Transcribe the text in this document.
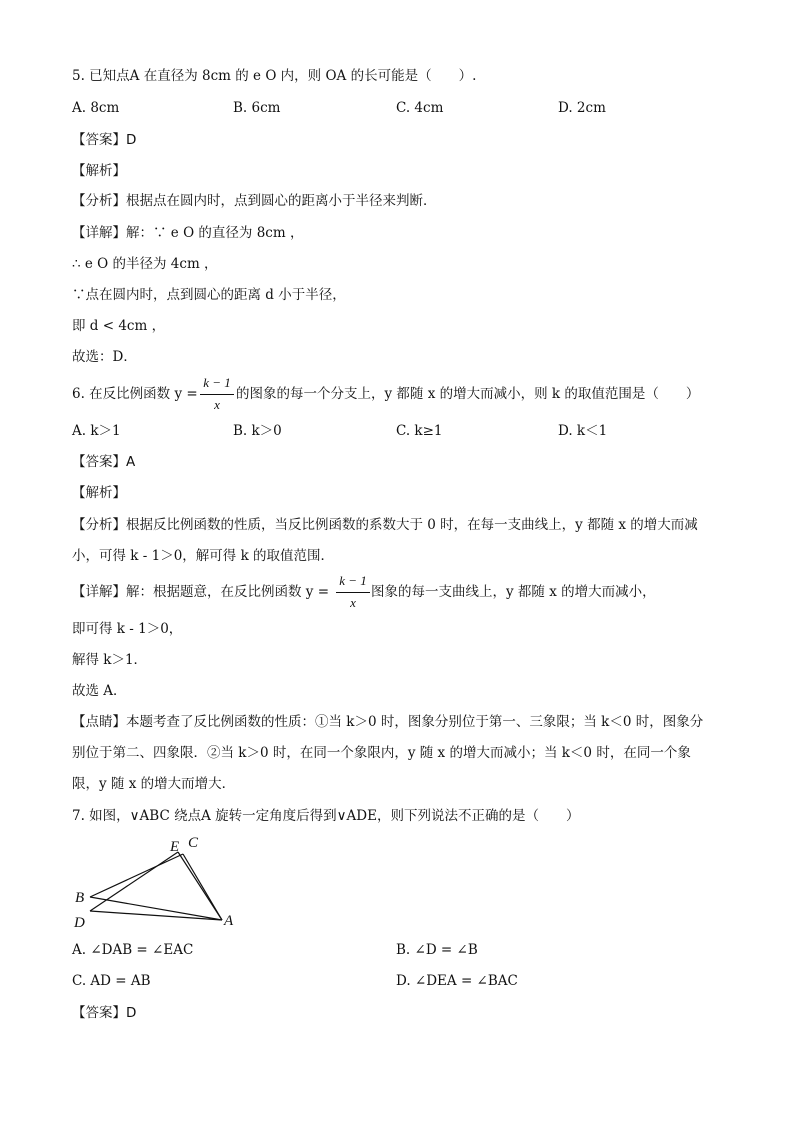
5. 已知点A 在直径为 8cm 的 e O 内，则 OA 的长可能是（　　）.
A. 8cm	B. 6cm	C. 4cm	D. 2cm
【答案】D
【解析】
【分析】根据点在圆内时，点到圆心的距离小于半径来判断．
【详解】解：∵ e O 的直径为 8cm ，
∴ e O 的半径为 4cm ，
∵点在圆内时，点到圆心的距离 d 小于半径，
即 d < 4cm ，
故选：D．
6. 在反比例函数 y =
k − 1
x
的图象的每一个分支上，y 都随 x 的增大而减小，则 k 的取值范围是（　　）
A. k＞1	B. k＞0	C. k≥1	D. k＜1
【答案】A
【解析】
【分析】根据反比例函数的性质，当反比例函数的系数大于 0 时，在每一支曲线上，y 都随 x 的增大而减
小，可得 k - 1＞0，解可得 k 的取值范围．
【详解】解：根据题意，在反比例函数 y =
k − 1
x
图象的每一支曲线上，y 都随 x 的增大而减小，
即可得 k - 1＞0，
解得 k＞1．
故选 A．
【点睛】本题考查了反比例函数的性质：①当 k＞0 时，图象分别位于第一、三象限；当 k＜0 时，图象分
别位于第二、四象限．②当 k＞0 时，在同一个象限内，y 随 x 的增大而减小；当 k＜0 时，在同一个象
限，y 随 x 的增大而增大．
7. 如图，∨ABC 绕点A 旋转一定角度后得到∨ADE，则下列说法不正确的是（　　）
E C
B
D	A
A. ∠DAB = ∠EAC	B. ∠D = ∠B
C. AD = AB	D. ∠DEA = ∠BAC
【答案】D
